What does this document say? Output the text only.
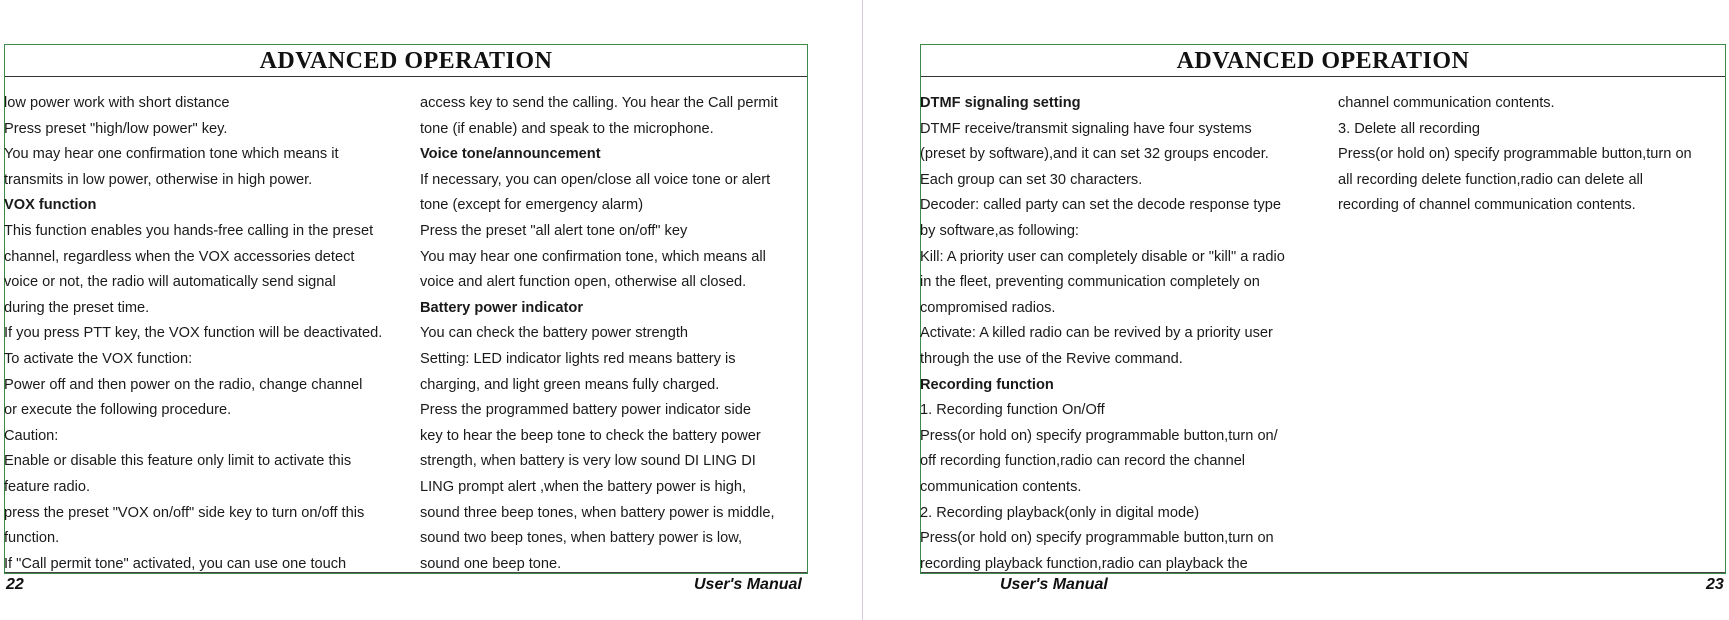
ADVANCED OPERATION

low power work with short distance

Press preset "high/low power" key.

You may hear one confirmation tone which means it

transmits in low power, otherwise in high power.

VOX function

This function enables you hands-free calling in the preset

channel, regardless when the VOX accessories detect

voice or not, the radio will automatically send signal

during the preset time.

If you press PTT key, the VOX function will be deactivated.

To activate the VOX function:

Power off and then power on the radio, change channel

or execute the following procedure.

Caution:

Enable or disable this feature only limit to activate this

feature radio.

press the preset "VOX on/off" side key to turn on/off this

function.

If "Call permit tone" activated, you can use one touch

access key to send the calling. You hear the Call permit

tone (if enable) and speak to the microphone.

Voice tone/announcement

If necessary, you can open/close all voice tone or alert

tone (except for emergency alarm)

Press the preset "all alert tone on/off" key

You may hear one confirmation tone, which means all

voice and alert function open, otherwise all closed.

Battery power indicator

You can check the battery power strength

Setting: LED indicator lights red means battery is

charging, and light green means fully charged.

Press the programmed battery power indicator side

key to hear the beep tone to check the battery power

strength, when battery is very low sound DI LING DI

LING prompt alert ,when the battery power is high,

sound three beep tones, when battery power is middle,

sound two beep tones, when battery power is low,

sound one beep tone.

22	User's Manual
ADVANCED OPERATION

DTMF signaling setting

DTMF receive/transmit signaling have four systems

(preset by software),and it can set 32 groups encoder.

Each group can set 30 characters.

Decoder: called party can set the decode response type

by software,as following:

Kill: A priority user can completely disable or "kill" a radio

in the fleet, preventing communication completely on

compromised radios.

Activate: A killed radio can be revived by a priority user

through the use of the Revive command.

Recording function

1. Recording function On/Off

Press(or hold on) specify programmable button,turn on/

off recording function,radio can record the channel

communication contents.

2. Recording playback(only in digital mode)

Press(or hold on) specify programmable button,turn on

recording playback function,radio can playback the

channel communication contents.

3. Delete all recording

Press(or hold on) specify programmable button,turn on

all recording delete function,radio can delete all

recording of channel communication contents.

User's Manual	23
